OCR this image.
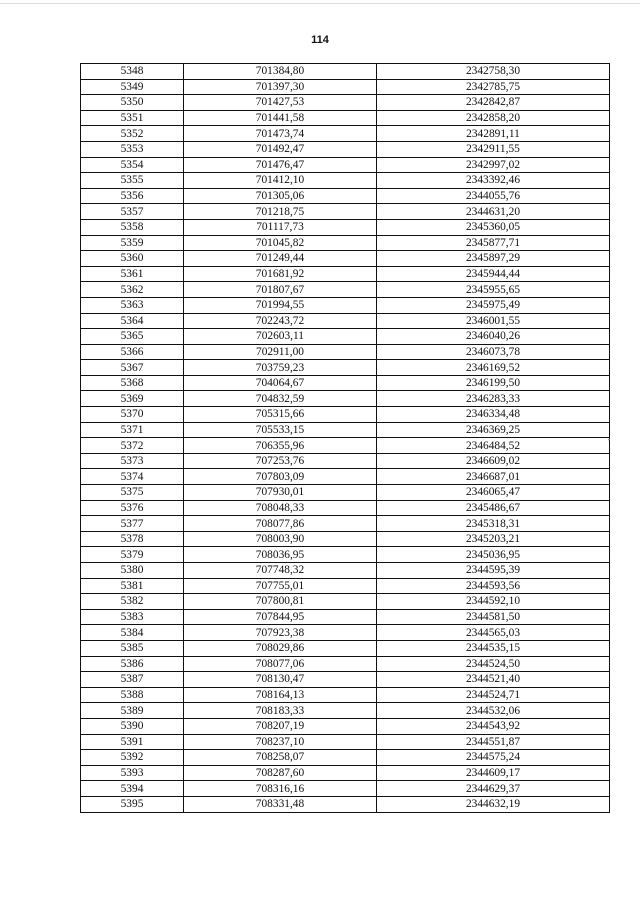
114
5348	701384,80	2342758,30
5349	701397,30	2342785,75
5350	701427,53	2342842,87
5351	701441,58	2342858,20
5352	701473,74	2342891,11
5353	701492,47	2342911,55
5354	701476,47	2342997,02
5355	701412,10	2343392,46
5356	701305,06	2344055,76
5357	701218,75	2344631,20
5358	701117,73	2345360,05
5359	701045,82	2345877,71
5360	701249,44	2345897,29
5361	701681,92	2345944,44
5362	701807,67	2345955,65
5363	701994,55	2345975,49
5364	702243,72	2346001,55
5365	702603,11	2346040,26
5366	702911,00	2346073,78
5367	703759,23	2346169,52
5368	704064,67	2346199,50
5369	704832,59	2346283,33
5370	705315,66	2346334,48
5371	705533,15	2346369,25
5372	706355,96	2346484,52
5373	707253,76	2346609,02
5374	707803,09	2346687,01
5375	707930,01	2346065,47
5376	708048,33	2345486,67
5377	708077,86	2345318,31
5378	708003,90	2345203,21
5379	708036,95	2345036,95
5380	707748,32	2344595,39
5381	707755,01	2344593,56
5382	707800,81	2344592,10
5383	707844,95	2344581,50
5384	707923,38	2344565,03
5385	708029,86	2344535,15
5386	708077,06	2344524,50
5387	708130,47	2344521,40
5388	708164,13	2344524,71
5389	708183,33	2344532,06
5390	708207,19	2344543,92
5391	708237,10	2344551,87
5392	708258,07	2344575,24
5393	708287,60	2344609,17
5394	708316,16	2344629,37
5395	708331,48	2344632,19
•
